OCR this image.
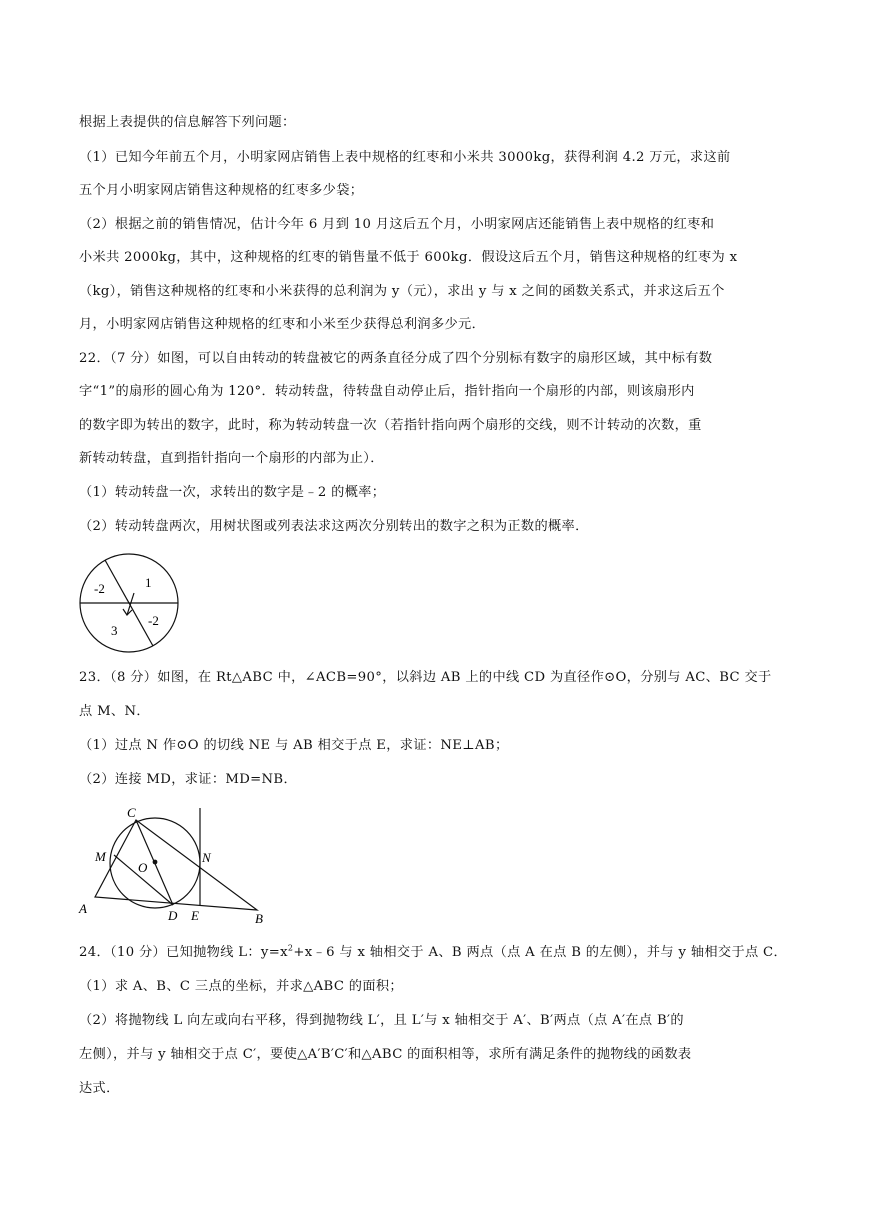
根据上表提供的信息解答下列问题：
（1）已知今年前五个月，小明家网店销售上表中规格的红枣和小米共 3000kg，获得利润 4.2 万元，求这前
五个月小明家网店销售这种规格的红枣多少袋；
（2）根据之前的销售情况，估计今年 6 月到 10 月这后五个月，小明家网店还能销售上表中规格的红枣和
小米共 2000kg，其中，这种规格的红枣的销售量不低于 600kg．假设这后五个月，销售这种规格的红枣为 x
（kg），销售这种规格的红枣和小米获得的总利润为 y（元），求出 y 与 x 之间的函数关系式，并求这后五个
月，小明家网店销售这种规格的红枣和小米至少获得总利润多少元．
22．（7 分）如图，可以自由转动的转盘被它的两条直径分成了四个分别标有数字的扇形区域，其中标有数
字“1”的扇形的圆心角为 120°．转动转盘，待转盘自动停止后，指针指向一个扇形的内部，则该扇形内
的数字即为转出的数字，此时，称为转动转盘一次（若指针指向两个扇形的交线，则不计转动的次数，重
新转动转盘，直到指针指向一个扇形的内部为止）．
（1）转动转盘一次，求转出的数字是﹣2 的概率；
（2）转动转盘两次，用树状图或列表法求这两次分别转出的数字之积为正数的概率．
-2	1
3
-2
23．（8 分）如图，在 Rt△ABC 中，∠ACB=90°，以斜边 AB 上的中线 CD 为直径作⊙O，分别与 AC、BC 交于
点 M、N．
（1）过点 N 作⊙O 的切线 NE 与 AB 相交于点 E，求证：NE⊥AB；
（2）连接 MD，求证：MD=NB．
C
M
O
N
A	D E	B
24．（10 分）已知抛物线 L：$y=x^2+x﹣6$ 与 x 轴相交于 A、B 两点（点 A 在点 B 的左侧），并与 y 轴相交于点 C．
（1）求 A、B、C 三点的坐标，并求△ABC 的面积；
（2）将抛物线 L 向左或向右平移，得到抛物线 L′，且 L′与 x 轴相交于 A′、B′两点（点 A′在点 B′的
左侧），并与 y 轴相交于点 C′，要使△A′B′C′和△ABC 的面积相等，求所有满足条件的抛物线的函数表
达式．
